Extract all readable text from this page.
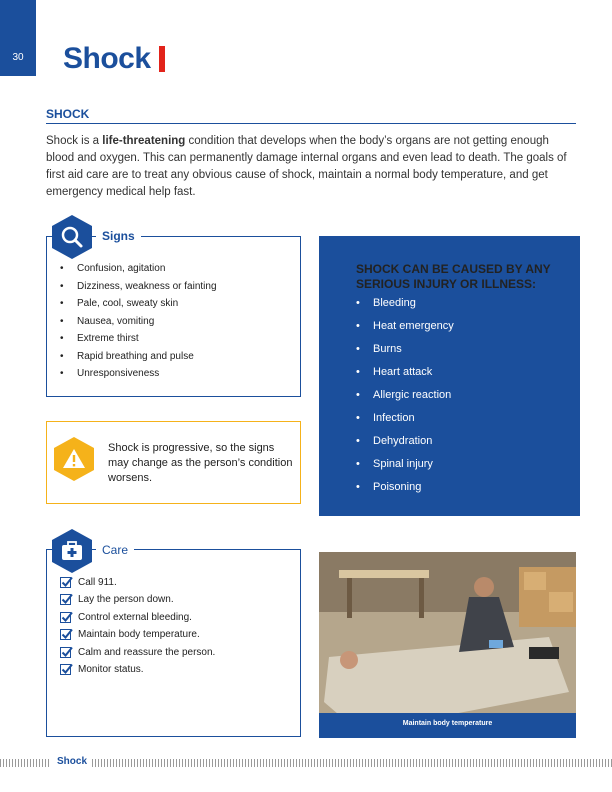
30	Shock
SHOCK

Shock is a life-threatening condition that develops when the body’s organs are not getting enough blood and oxygen. This can permanently damage internal organs and even lead to death. The goals of first aid care are to treat any obvious cause of shock, maintain a normal body temperature, and get emergency medical help fast.

Signs
• Confusion, agitation
• Dizziness, weakness or fainting
• Pale, cool, sweaty skin
• Nausea, vomiting
• Extreme thirst
• Rapid breathing and pulse
• Unresponsiveness
Shock is progressive, so the signs may change as the person’s condition worsens.
SHOCK CAN BE CAUSED BY ANY SERIOUS INJURY OR ILLNESS:
• Bleeding
• Heat emergency
• Burns
• Heart attack
• Allergic reaction
• Infection
• Dehydration
• Spinal injury
• Poisoning
Care
Call 911.
Lay the person down.
Control external bleeding.
Maintain body temperature.
Calm and reassure the person.
Monitor status.
Maintain body temperature
Shock
